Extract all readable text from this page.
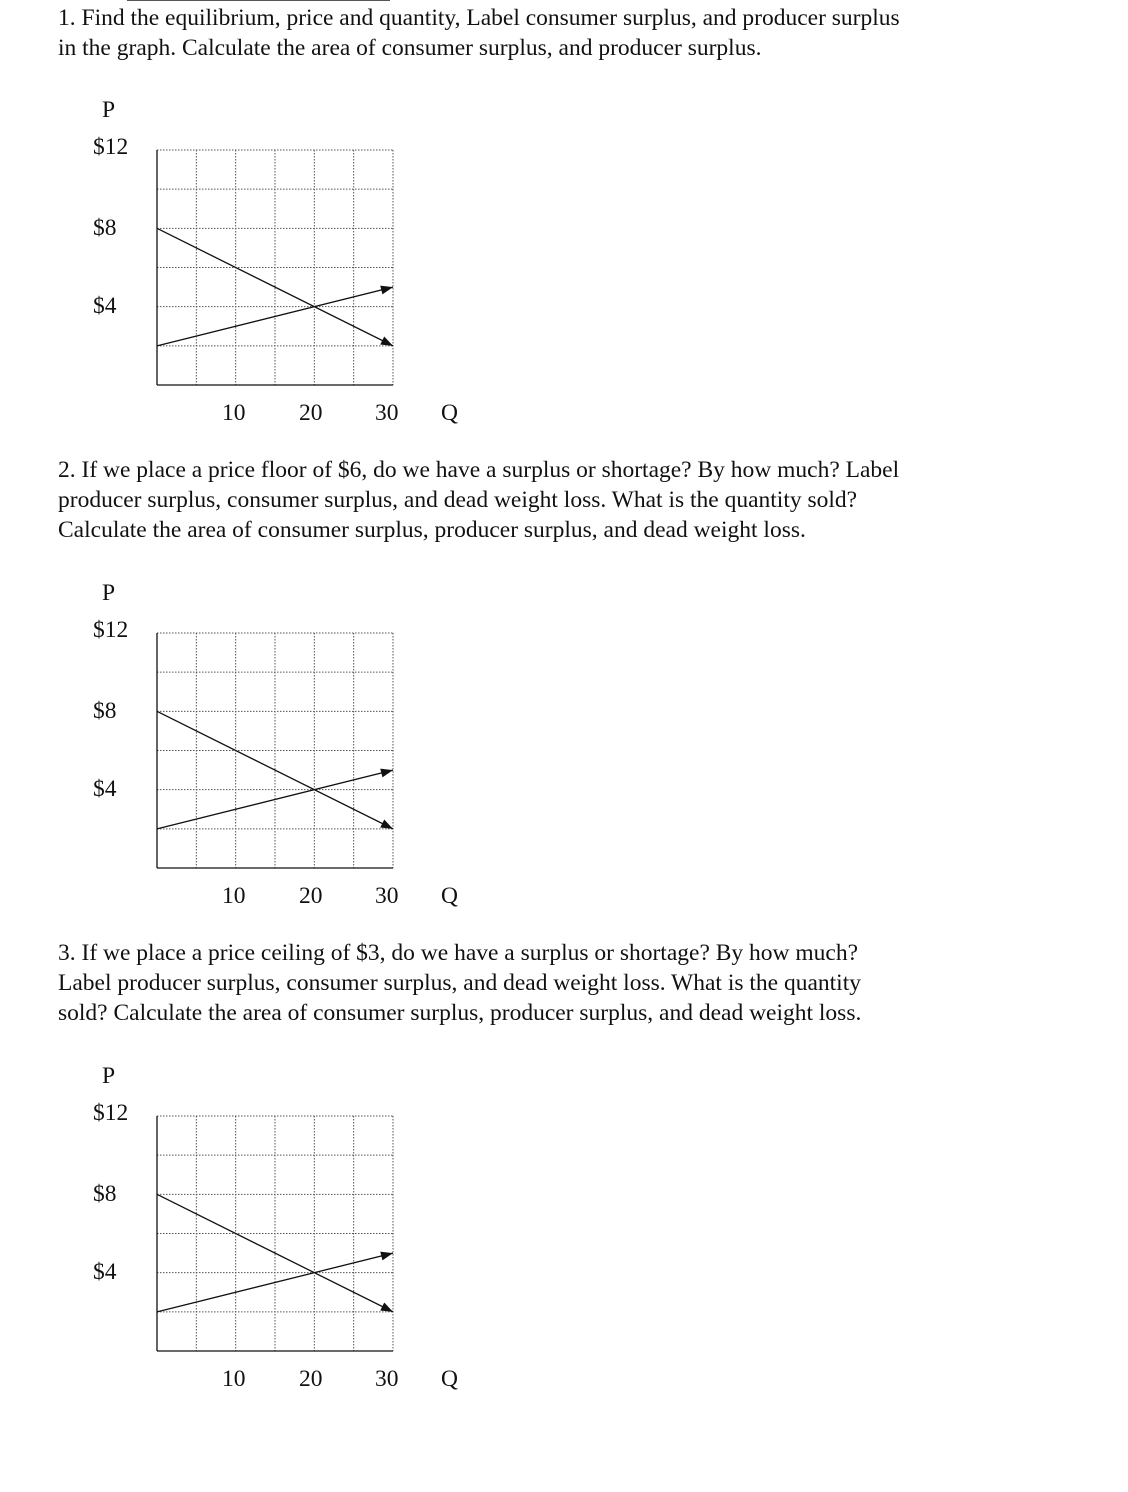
1. Find the equilibrium, price and quantity, Label consumer surplus, and producer surplus
in the graph. Calculate the area of consumer surplus, and producer surplus.

2. If we place a price floor of $6, do we have a surplus or shortage? By how much? Label
producer surplus, consumer surplus, and dead weight loss. What is the quantity sold?
Calculate the area of consumer surplus, producer surplus, and dead weight loss.

3. If we place a price ceiling of $3, do we have a surplus or shortage? By how much?
Label producer surplus, consumer surplus, and dead weight loss. What is the quantity
sold? Calculate the area of consumer surplus, producer surplus, and dead weight loss.

P
$12
$8
$4
10 20 30 Q
P
$12
$8
$4
10 20 30 Q
P
$12
$8
$4
10 20 30 Q
